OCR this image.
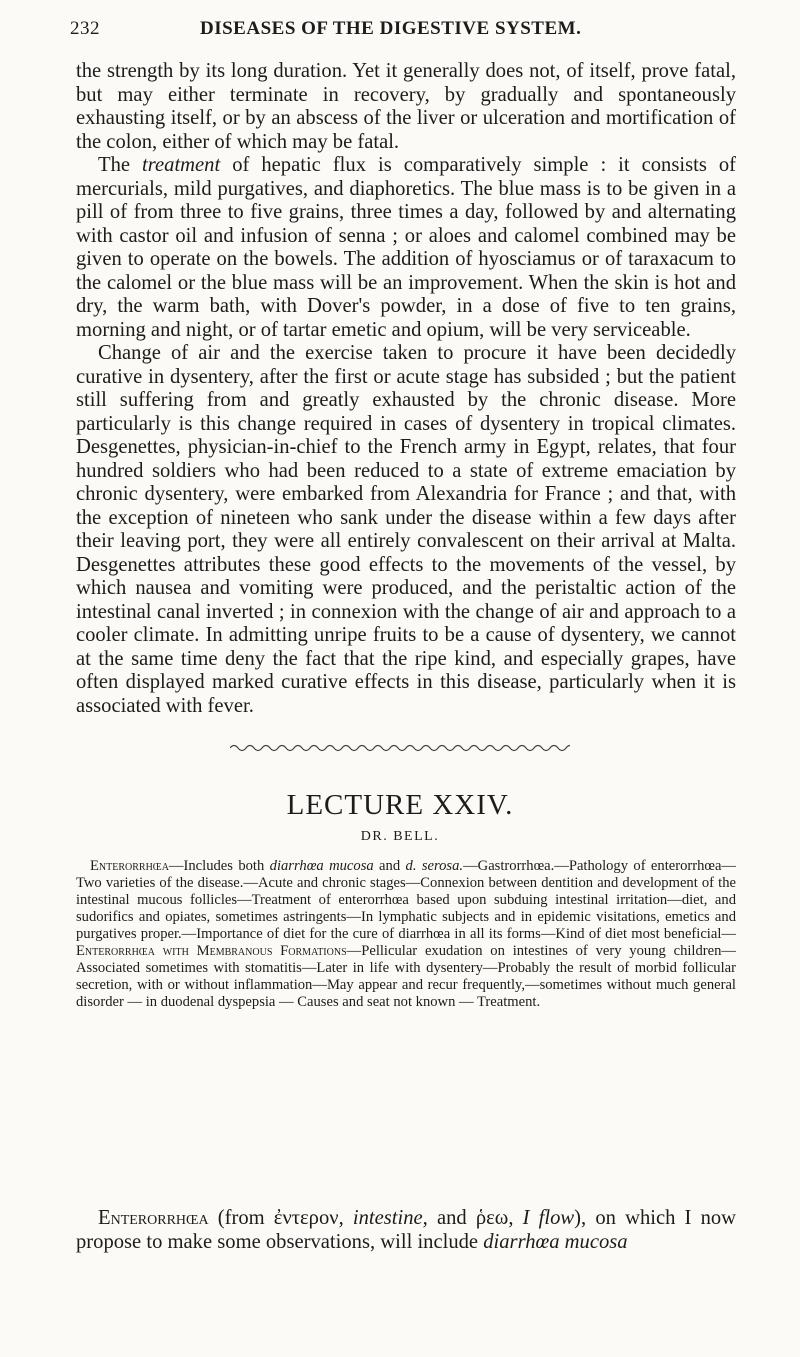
232	DISEASES OF THE DIGESTIVE SYSTEM.

the strength by its long duration. Yet it generally does not, of itself, prove fatal, but may either terminate in recovery, by gradually and spontaneously exhausting itself, or by an abscess of the liver or ulceration and mortification of the colon, either of which may be fatal.

The treatment of hepatic flux is comparatively simple : it consists of mercurials, mild purgatives, and diaphoretics. The blue mass is to be given in a pill of from three to five grains, three times a day, followed by and alternating with castor oil and infusion of senna ; or aloes and calomel combined may be given to operate on the bowels. The addition of hyosciamus or of taraxacum to the calomel or the blue mass will be an improvement. When the skin is hot and dry, the warm bath, with Dover's powder, in a dose of five to ten grains, morning and night, or of tartar emetic and opium, will be very serviceable.

Change of air and the exercise taken to procure it have been decidedly curative in dysentery, after the first or acute stage has subsided ; but the patient still suffering from and greatly exhausted by the chronic disease. More particularly is this change required in cases of dysentery in tropical climates. Desgenettes, physician-in-chief to the French army in Egypt, relates, that four hundred soldiers who had been reduced to a state of extreme emaciation by chronic dysentery, were embarked from Alexandria for France ; and that, with the exception of nineteen who sank under the disease within a few days after their leaving port, they were all entirely convalescent on their arrival at Malta. Desgenettes attributes these good effects to the movements of the vessel, by which nausea and vomiting were produced, and the peristaltic action of the intestinal canal inverted ; in connexion with the change of air and approach to a cooler climate. In admitting unripe fruits to be a cause of dysentery, we cannot at the same time deny the fact that the ripe kind, and especially grapes, have often displayed marked curative effects in this disease, particularly when it is associated with fever.

LECTURE XXIV.
DR. BELL.

Enterorrhœa—Includes both diarrhœa mucosa and d. serosa.—Gastrorrhœa.—Pathology of enterorrhœa—Two varieties of the disease.—Acute and chronic stages—Connexion between dentition and development of the intestinal mucous follicles—Treatment of enterorrhœa based upon subduing intestinal irritation—diet, and sudorifics and opiates, sometimes astringents—In lymphatic subjects and in epidemic visitations, emetics and purgatives proper.—Importance of diet for the cure of diarrhœa in all its forms—Kind of diet most beneficial—Enterorrhœa with Membranous Formations—Pellicular exudation on intestines of very young children—Associated sometimes with stomatitis—Later in life with dysentery—Probably the result of morbid follicular secretion, with or without inflammation—May appear and recur frequently,—sometimes without much general disorder — in duodenal dyspepsia — Causes and seat not known — Treatment.

Enterorrhœa (from ἐντερον, intestine, and ῥεω, I flow), on which I now propose to make some observations, will include diarrhœa mucosa
